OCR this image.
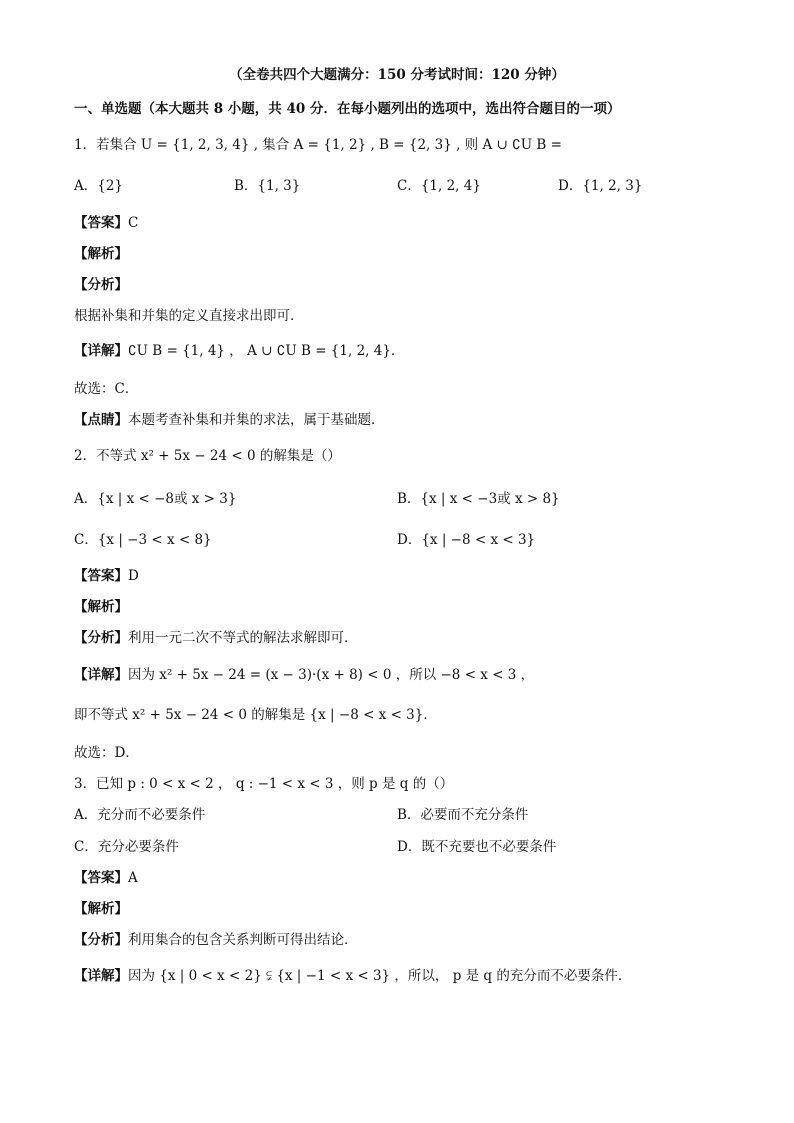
（全卷共四个大题满分：150 分考试时间：120 分钟）
一、单选题（本大题共 8 小题，共 40 分．在每小题列出的选项中，选出符合题目的一项）
1．若集合 U = {1, 2, 3, 4} , 集合 A = {1, 2} , B = {2, 3} , 则 A ∪ ∁U B =
A．{2}	B．{1, 3}	C．{1, 2, 4}	D．{1, 2, 3}
【答案】C
【解析】
【分析】
根据补集和并集的定义直接求出即可．
【详解】∁U B = {1, 4} ， A ∪ ∁U B = {1, 2, 4}．
故选：C．
【点睛】本题考查补集和并集的求法，属于基础题．
2．不等式 x² + 5x − 24 < 0 的解集是（）
A．{x | x < −8或 x > 3}	B．{x | x < −3或 x > 8}
C．{x | −3 < x < 8}	D．{x | −8 < x < 3}
【答案】D
【解析】
【分析】利用一元二次不等式的解法求解即可．
【详解】因为 x² + 5x − 24 = (x − 3)·(x + 8) < 0 ，所以 −8 < x < 3 ，
即不等式 x² + 5x − 24 < 0 的解集是 {x | −8 < x < 3}．
故选：D．
3．已知 p : 0 < x < 2 ， q : −1 < x < 3 ，则 p 是 q 的（）
A．充分而不必要条件	B．必要而不充分条件
C．充分必要条件	D．既不充要也不必要条件
【答案】A
【解析】
【分析】利用集合的包含关系判断可得出结论．
【详解】因为 {x | 0 < x < 2} ⫋ {x | −1 < x < 3} ，所以， p 是 q 的充分而不必要条件．
